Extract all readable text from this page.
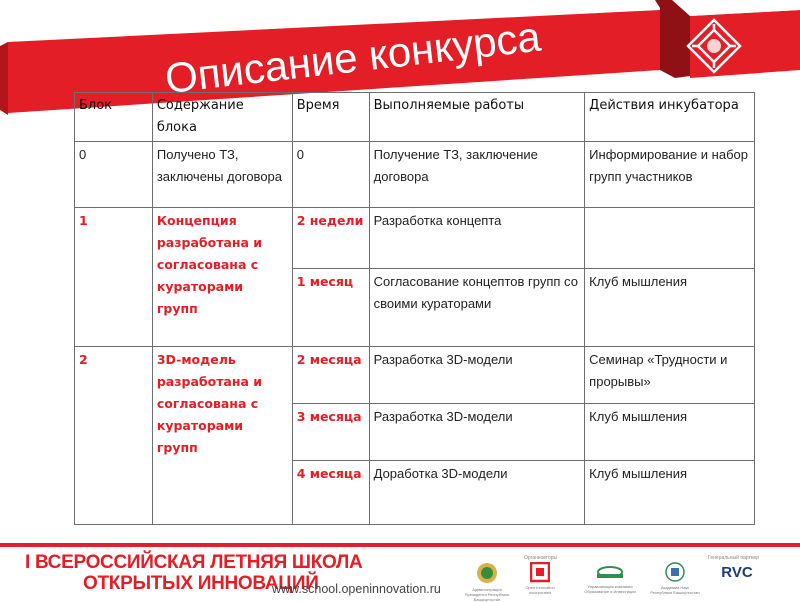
Описание конкурса
Блок	Содержание блока	Время	Выполняемые работы	Действия инкубатора
0	Получено ТЗ, заключены договора	0	Получение ТЗ, заключение договора	Информирование и набор групп участников
1	Концепция разработана и согласована с кураторами групп	2 недели	Разработка концепта	
		1 месяц	Согласование концептов групп со своими кураторами	Клуб мышления
2	3D-модель разработана и согласована с кураторами групп	2 месяца	Разработка 3D-модели	Семинар «Трудности и прорывы»
		3 месяца	Разработка 3D-модели	Клуб мышления
		4 месяца	Доработка 3D-модели	Клуб мышления
I ВСЕРОССИЙСКАЯ ЛЕТНЯЯ ШКОЛА
ОТКРЫТЫХ ИННОВАЦИЙ
www.school.openinnovation.ru
Организаторы	Генеральный партнер
Администрация Президента Республики Башкортостан
Open Innovation Incorporated
Управляющая компания Образование и Инвестиции
Академия Наук Республики Башкортостан
RVC
